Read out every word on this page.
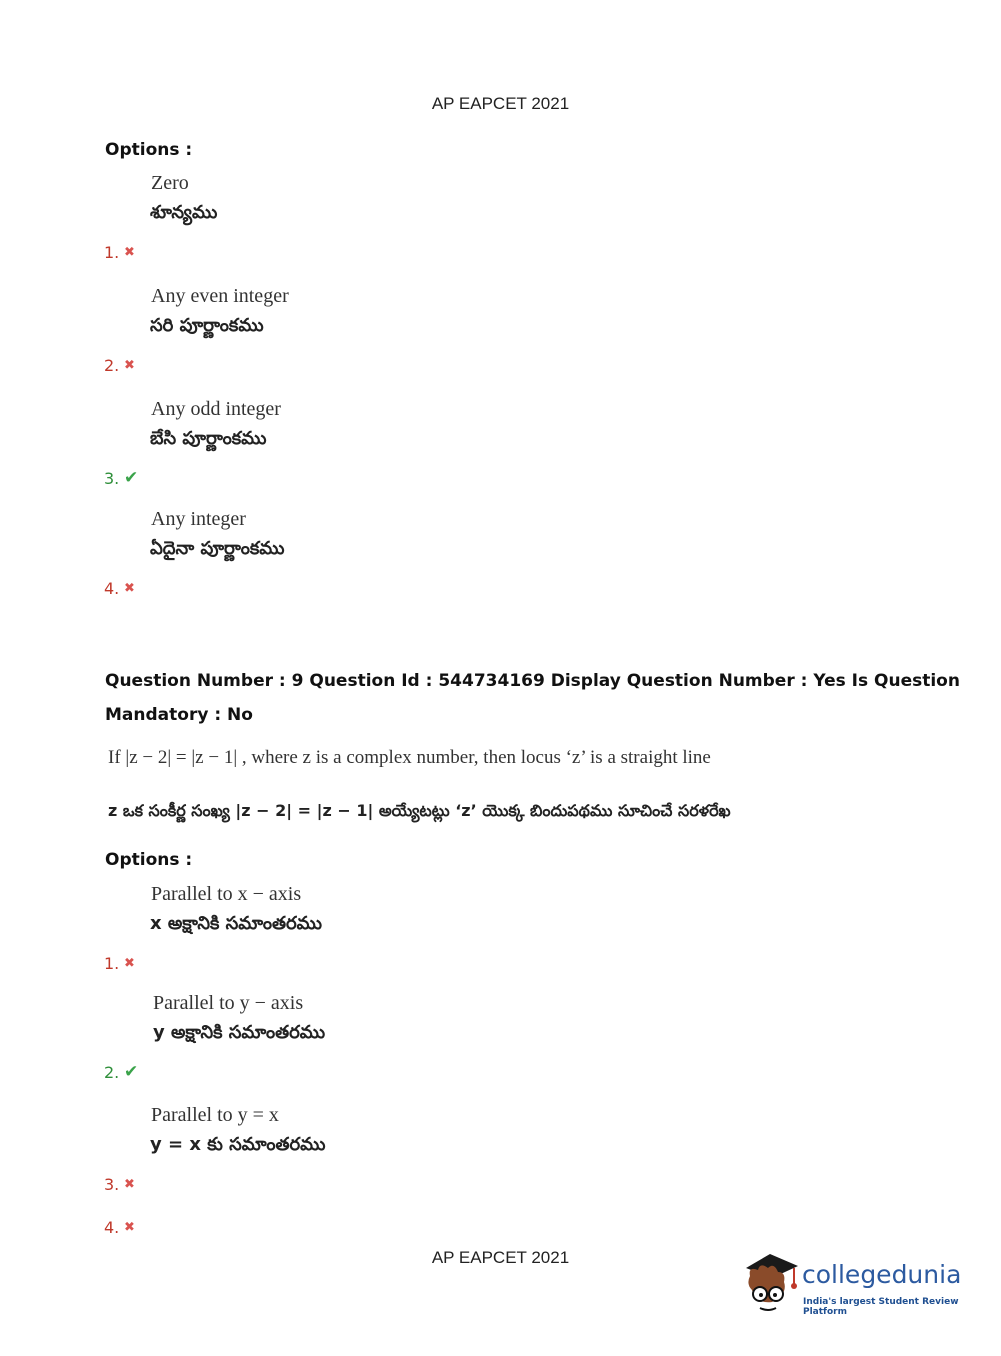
AP EAPCET 2021
Options :
Zero
శూన్యము
1. ✖
Any even integer
సరి పూర్ణాంకము
2. ✖
Any odd integer
బేసి పూర్ణాంకము
3. ✔
Any integer
ఏదైనా పూర్ణాంకము
4. ✖
Question Number : 9 Question Id : 544734169 Display Question Number : Yes Is Question
Mandatory : No
If |z − 2| = |z − 1| , where z is a complex number, then locus ‘z’ is a straight line
z ఒక సంకీర్ణ సంఖ్య |z − 2| = |z − 1| అయ్యేటట్లు ‘z’ యొక్క బిందుపథము సూచించే సరళరేఖ
Options :
Parallel to x − axis
x అక్షానికి సమాంతరము
1. ✖
Parallel to y − axis
y అక్షానికి సమాంతరము
2. ✔
Parallel to y = x
y = x కు సమాంతరము
3. ✖
4. ✖
AP EAPCET 2021
collegedunia
India's largest Student Review Platform
